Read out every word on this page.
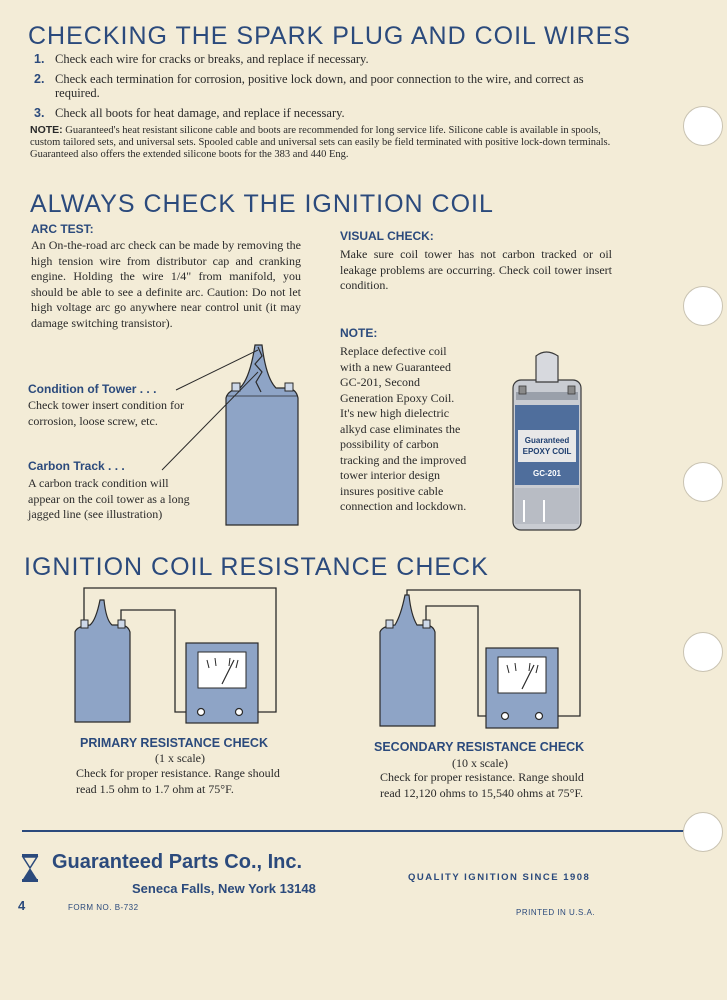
CHECKING THE SPARK PLUG AND COIL WIRES
1. Check each wire for cracks or breaks, and replace if necessary.
2. Check each termination for corrosion, positive lock down, and poor connection to the wire, and correct as required.
3. Check all boots for heat damage, and replace if necessary.

NOTE: Guaranteed's heat resistant silicone cable and boots are recommended for long service life. Silicone cable is available in spools, custom tailored sets, and universal sets. Spooled cable and universal sets can easily be field terminated with positive lock-down terminals. Guaranteed also offers the extended silicone boots for the 383 and 440 Eng.

ALWAYS CHECK THE IGNITION COIL
ARC TEST:

An On-the-road arc check can be made by removing the high tension wire from distributor cap and cranking engine. Holding the wire 1/4" from manifold, you should be able to see a definite arc. Caution: Do not let high voltage arc go anywhere near control unit (it may damage switching transistor).

VISUAL CHECK:

Make sure coil tower has not carbon tracked or oil leakage problems are occurring. Check coil tower insert condition.

Condition of Tower . . .

Check tower insert condition for corrosion, loose screw, etc.

Carbon Track . . .

A carbon track condition will appear on the coil tower as a long jagged line (see illustration)

NOTE:

Replace defective coil with a new Guaranteed GC-201, Second Generation Epoxy Coil. It's new high dielectric alkyd case eliminates the possibility of carbon tracking and the improved tower interior design insures positive cable connection and lockdown.

IGNITION COIL RESISTANCE CHECK
PRIMARY RESISTANCE CHECK
(1 x scale)

Check for proper resistance. Range should read 1.5 ohm to 1.7 ohm at 75°F.

SECONDARY RESISTANCE CHECK
(10 x scale)

Check for proper resistance. Range should read 12,120 ohms to 15,540 ohms at 75°F.

Guaranteed Parts Co., Inc.
Seneca Falls, New York 13148
QUALITY IGNITION SINCE 1908
4	FORM NO. B-732
PRINTED IN U.S.A.
Guaranteed
EPOXY COIL
GC-201
